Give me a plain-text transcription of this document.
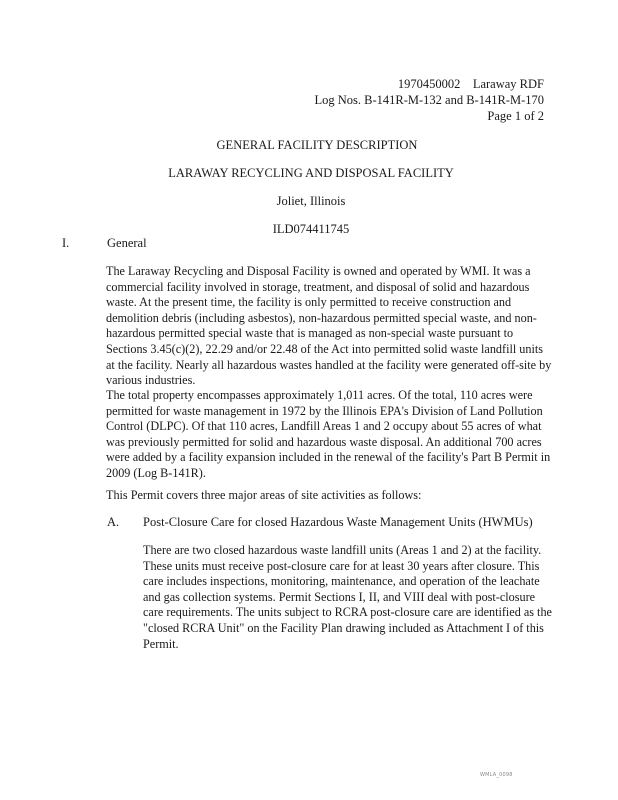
1970450002    Laraway RDF
Log Nos. B-141R-M-132 and B-141R-M-170
Page 1 of 2
GENERAL FACILITY DESCRIPTION
LARAWAY RECYCLING AND DISPOSAL FACILITY
Joliet, Illinois
ILD074411745
I.	General
The Laraway Recycling and Disposal Facility is owned and operated by WMI. It was a commercial facility involved in storage, treatment, and disposal of solid and hazardous waste. At the present time, the facility is only permitted to receive construction and demolition debris (including asbestos), non-hazardous permitted special waste, and non-hazardous permitted special waste that is managed as non-special waste pursuant to Sections 3.45(c)(2), 22.29 and/or 22.48 of the Act into permitted solid waste landfill units at the facility. Nearly all hazardous wastes handled at the facility were generated off-site by various industries.
The total property encompasses approximately 1,011 acres. Of the total, 110 acres were permitted for waste management in 1972 by the Illinois EPA's Division of Land Pollution Control (DLPC). Of that 110 acres, Landfill Areas 1 and 2 occupy about 55 acres of what was previously permitted for solid and hazardous waste disposal. An additional 700 acres were added by a facility expansion included in the renewal of the facility's Part B Permit in 2009 (Log B-141R).
This Permit covers three major areas of site activities as follows:
A. Post-Closure Care for closed Hazardous Waste Management Units (HWMUs)
There are two closed hazardous waste landfill units (Areas 1 and 2) at the facility. These units must receive post-closure care for at least 30 years after closure. This care includes inspections, monitoring, maintenance, and operation of the leachate and gas collection systems. Permit Sections I, II, and VIII deal with post-closure care requirements. The units subject to RCRA post-closure care are identified as the "closed RCRA Unit" on the Facility Plan drawing included as Attachment I of this Permit.
WMLA_0098
